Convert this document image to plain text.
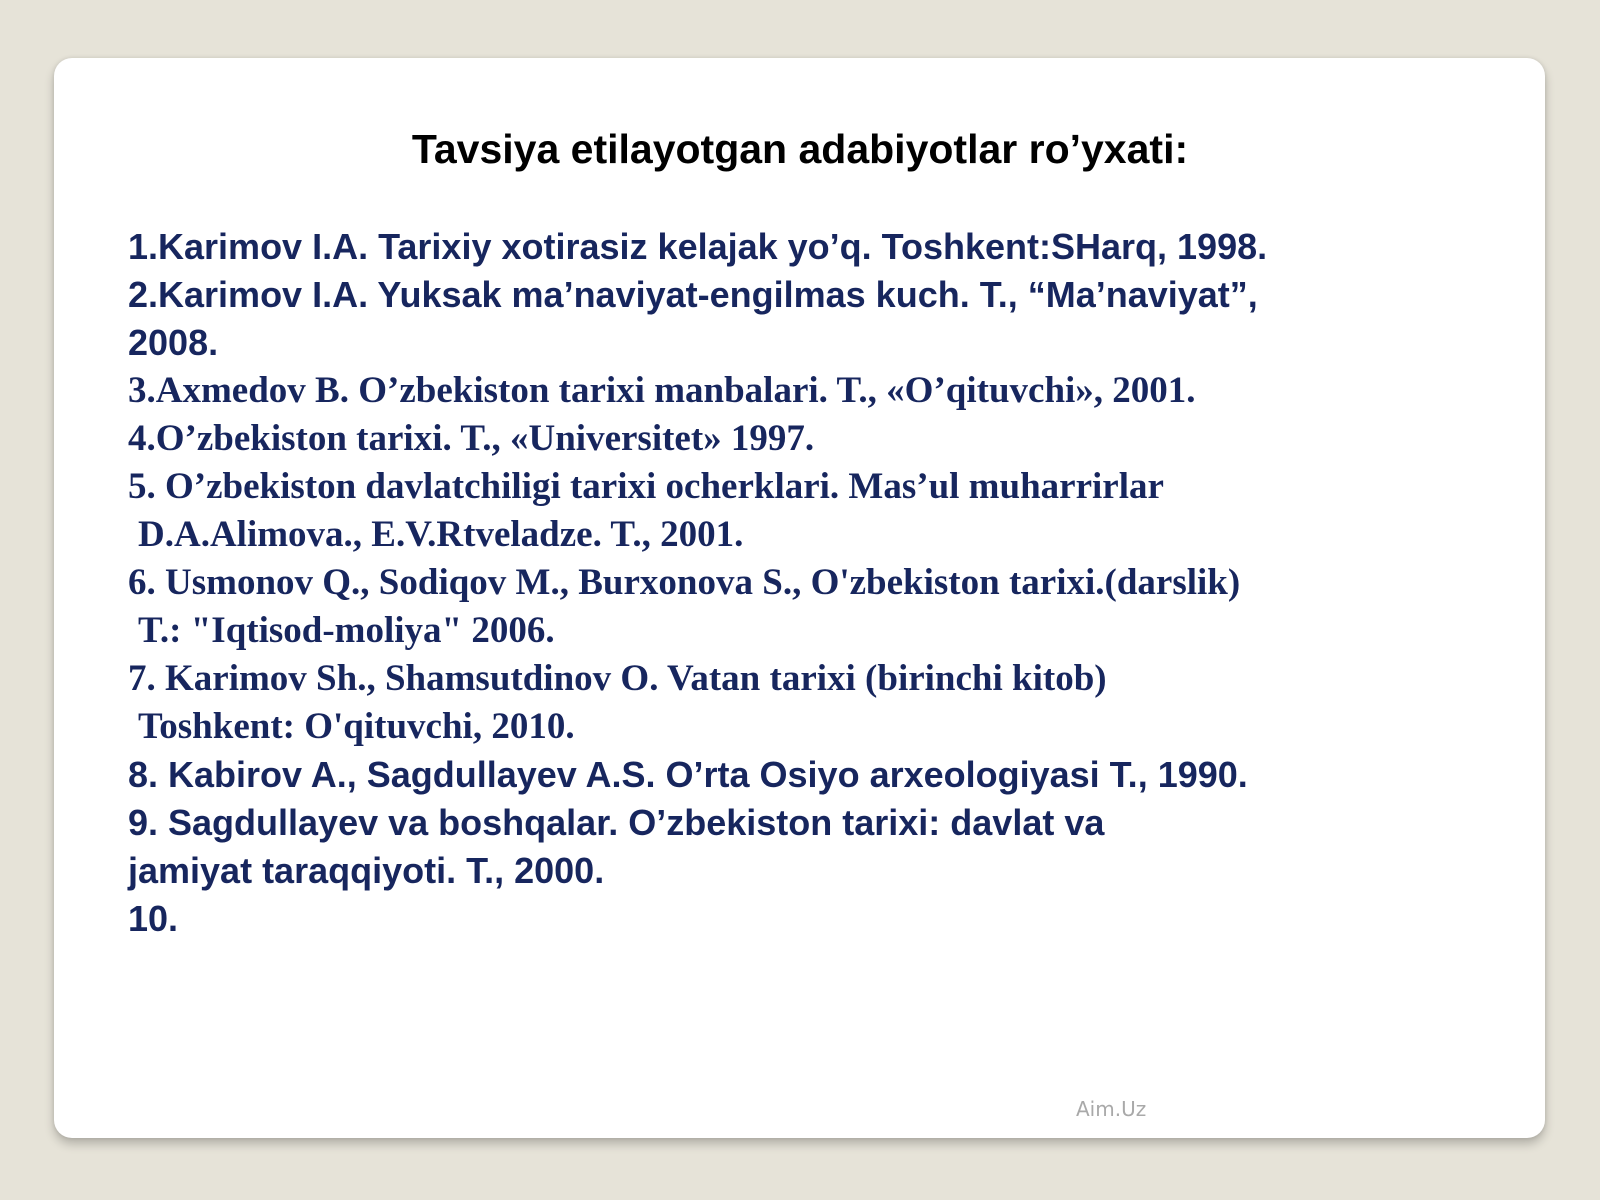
Tavsiya etilayotgan adabiyotlar ro’yxati:
1.Karimov I.A. Tarixiy xotirasiz kelajak yo’q. Toshkent:SHarq, 1998.
2.Karimov I.A. Yuksak ma’naviyat-engilmas kuch. T., “Ma’naviyat”,
2008.
3.Axmedov B. O’zbekiston tarixi manbalari. T., «O’qituvchi», 2001.
4.O’zbekiston tarixi. T., «Universitet» 1997.
5. O’zbekiston davlatchiligi tarixi ocherklari. Mas’ul muharrirlar
D.A.Alimova., E.V.Rtveladze. T., 2001.
6. Usmonov Q., Sodiqov M., Burxonova S., O'zbekiston tarixi.(darslik)
T.: "Iqtisod-moliya" 2006.
7. Karimov Sh., Shamsutdinov O. Vatan tarixi (birinchi kitob)
Toshkent: O'qituvchi, 2010.
8. Kabirov A., Sagdullayev A.S. O’rta Osiyo arxeologiyasi T., 1990.
9. Sagdullayev va boshqalar. O’zbekiston tarixi: davlat va
jamiyat taraqqiyoti. T., 2000.
10.
Aim.Uz
